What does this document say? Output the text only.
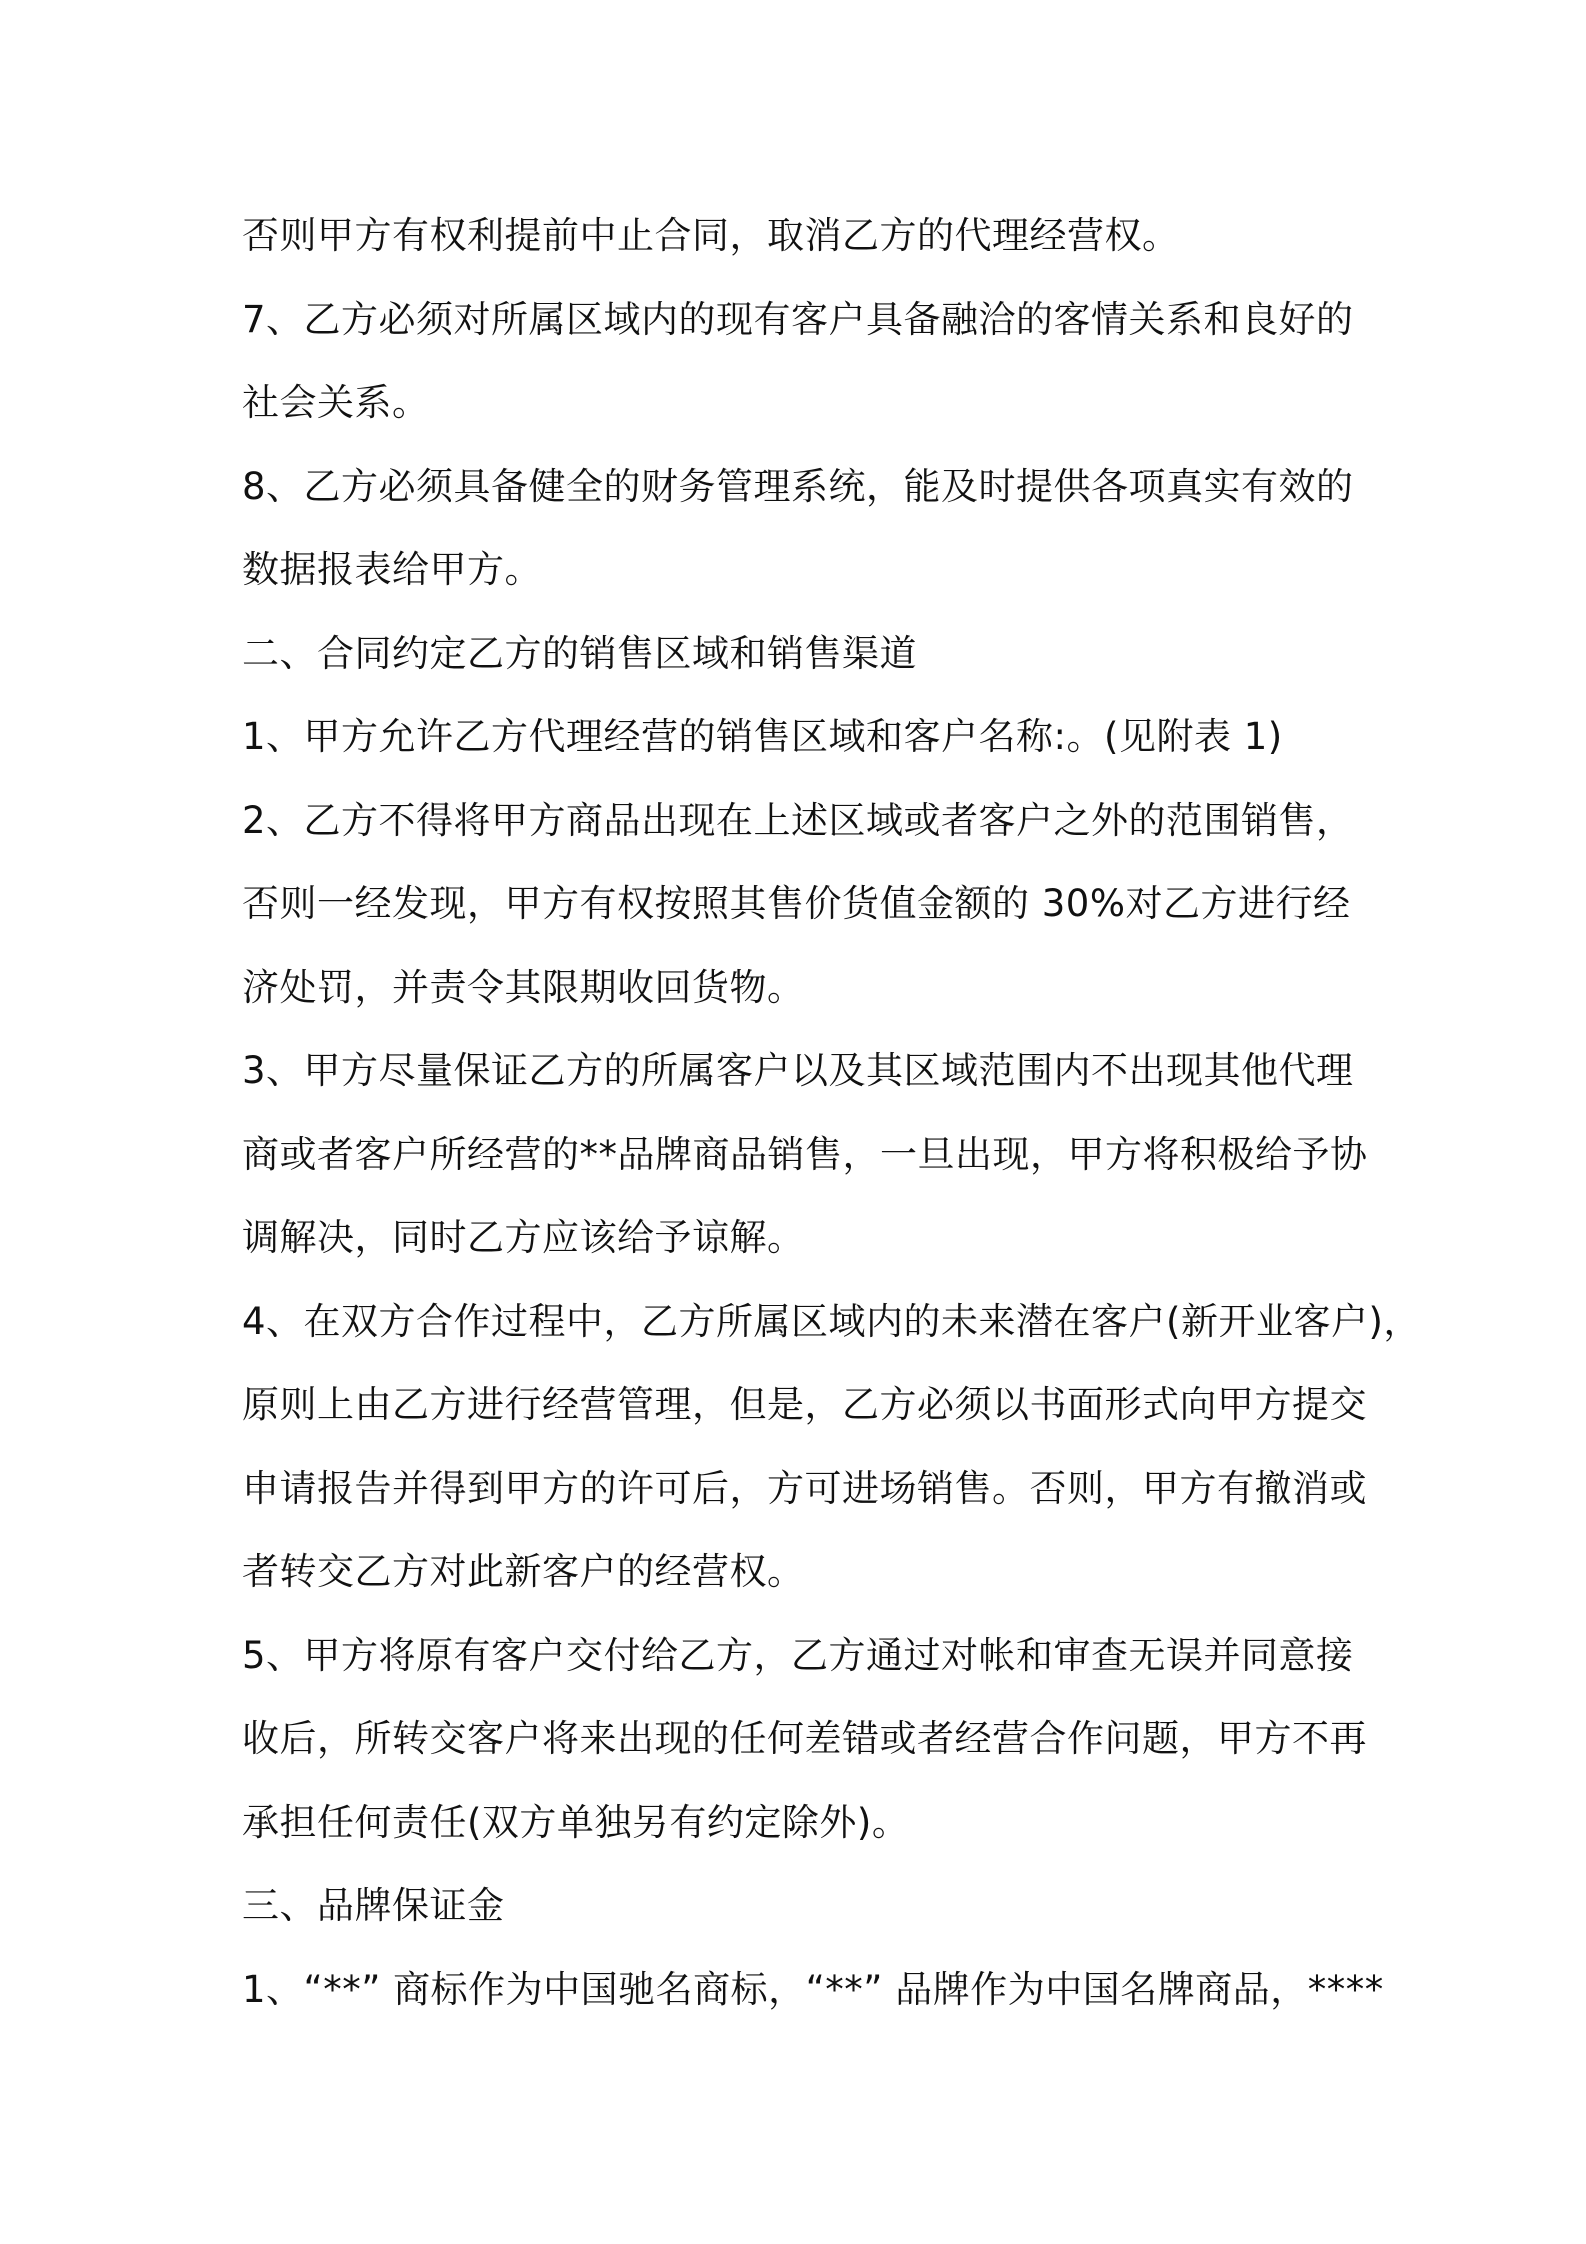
否则甲方有权利提前中止合同，取消乙方的代理经营权。
7、乙方必须对所属区域内的现有客户具备融洽的客情关系和良好的
社会关系。
8、乙方必须具备健全的财务管理系统，能及时提供各项真实有效的
数据报表给甲方。
二、合同约定乙方的销售区域和销售渠道
1、甲方允许乙方代理经营的销售区域和客户名称:。(见附表 1)
2、乙方不得将甲方商品出现在上述区域或者客户之外的范围销售，
否则一经发现，甲方有权按照其售价货值金额的 30%对乙方进行经
济处罚，并责令其限期收回货物。
3、甲方尽量保证乙方的所属客户以及其区域范围内不出现其他代理
商或者客户所经营的**品牌商品销售，一旦出现，甲方将积极给予协
调解决，同时乙方应该给予谅解。
4、在双方合作过程中，乙方所属区域内的未来潜在客户(新开业客户)，
原则上由乙方进行经营管理，但是，乙方必须以书面形式向甲方提交
申请报告并得到甲方的许可后，方可进场销售。否则，甲方有撤消或
者转交乙方对此新客户的经营权。
5、甲方将原有客户交付给乙方，乙方通过对帐和审查无误并同意接
收后，所转交客户将来出现的任何差错或者经营合作问题，甲方不再
承担任何责任(双方单独另有约定除外)。
三、品牌保证金
1、“**” 商标作为中国驰名商标，“**” 品牌作为中国名牌商品，****
